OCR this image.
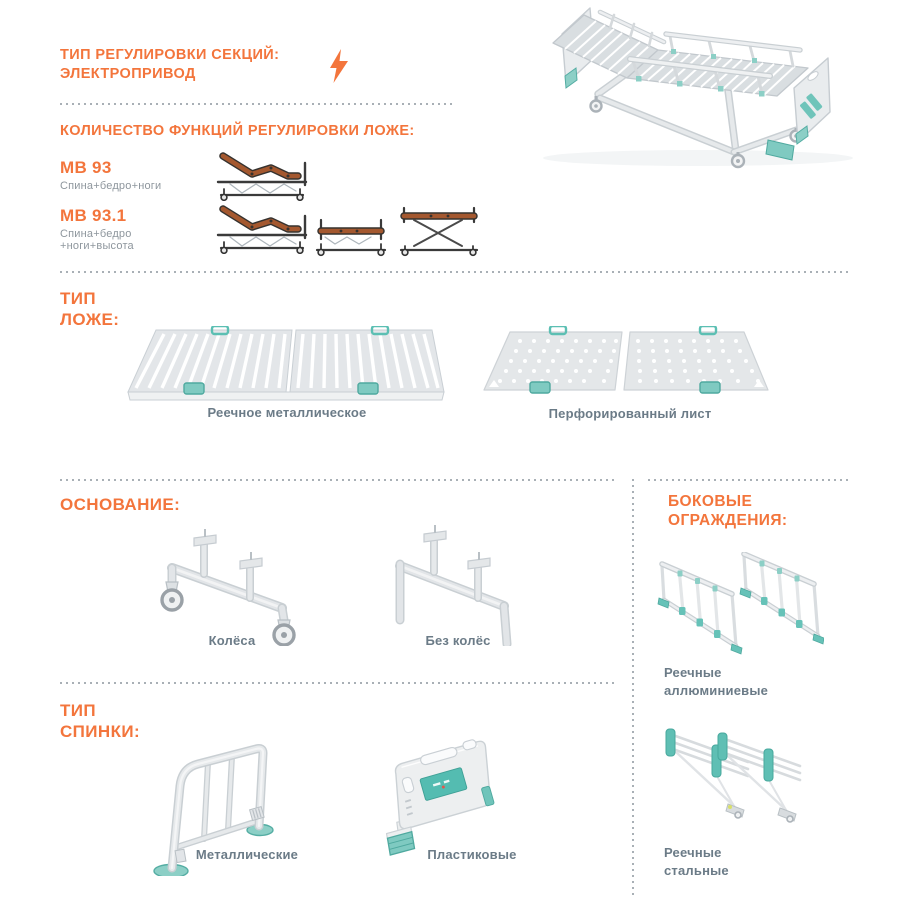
ТИП РЕГУЛИРОВКИ СЕКЦИЙ:
ЭЛЕКТРОПРИВОД
КОЛИЧЕСТВО ФУНКЦИЙ РЕГУЛИРОВКИ ЛОЖЕ:
МВ 93
Спина+бедро+ноги
МВ 93.1
Спина+бедро
+ноги+высота
ТИП
ЛОЖЕ:
Реечное металлическое	Перфорированный лист
ОСНОВАНИЕ:
Колёса	Без колёс
ТИП
СПИНКИ:
Металлические	Пластиковые
БОКОВЫЕ
ОГРАЖДЕНИЯ:
Реечные
аллюминиевые
Реечные
стальные
